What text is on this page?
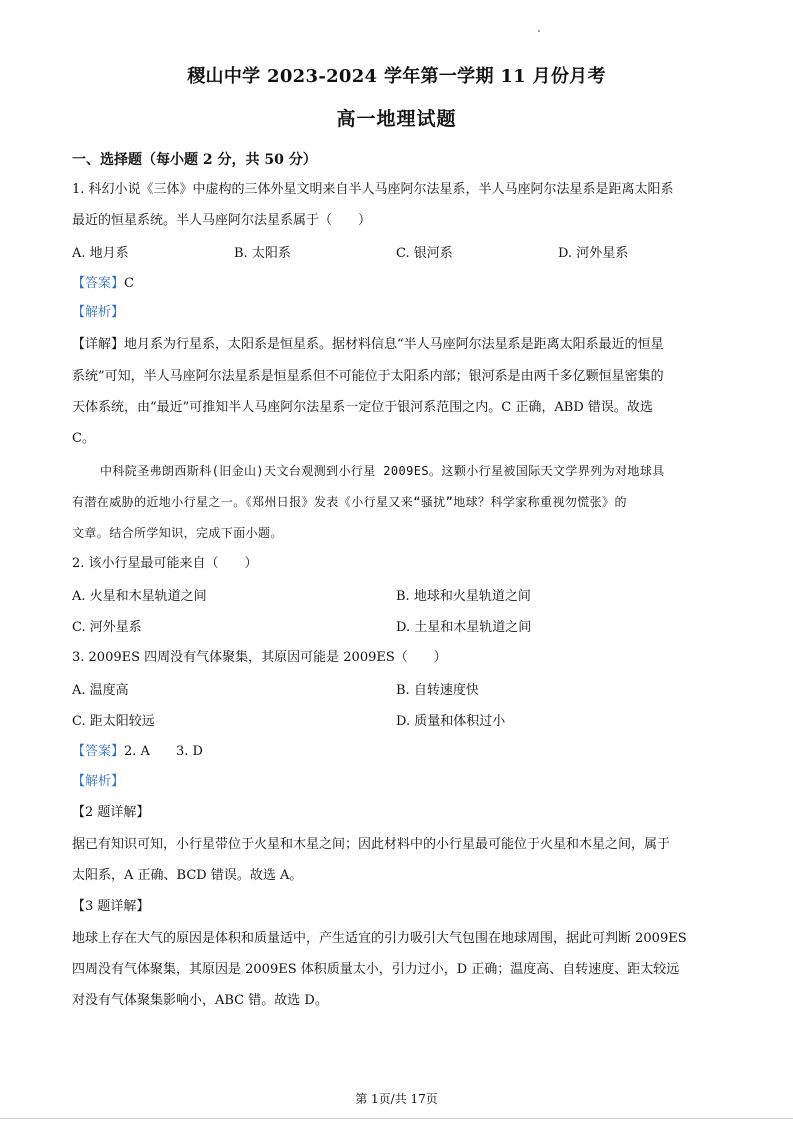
稷山中学 2023-2024 学年第一学期 11 月份月考
高一地理试题
一、选择题（每小题 2 分，共 50 分）
1. 科幻小说《三体》中虚构的三体外星文明来自半人马座阿尔法星系，半人马座阿尔法星系是距离太阳系
最近的恒星系统。半人马座阿尔法星系属于（　　）
A. 地月系	B. 太阳系	C. 银河系	D. 河外星系
【答案】C
【解析】
【详解】地月系为行星系，太阳系是恒星系。据材料信息“半人马座阿尔法星系是距离太阳系最近的恒星
系统”可知，半人马座阿尔法星系是恒星系但不可能位于太阳系内部；银河系是由两千多亿颗恒星密集的
天体系统，由“最近”可推知半人马座阿尔法星系一定位于银河系范围之内。C 正确，ABD 错误。故选
C。
中科院圣弗朗西斯科(旧金山)天文台观测到小行星 2009ES。这颗小行星被国际天文学界列为对地球具
有潜在威胁的近地小行星之一。《郑州日报》发表《小行星又来“骚扰”地球？科学家称重视勿慌张》的
文章。结合所学知识，完成下面小题。
2. 该小行星最可能来自（　　）
A. 火星和木星轨道之间	B. 地球和火星轨道之间
C. 河外星系	D. 土星和木星轨道之间
3. 2009ES 四周没有气体聚集，其原因可能是 2009ES（　　）
A. 温度高	B. 自转速度快
C. 距太阳较远	D. 质量和体积过小
【答案】2. A　　3. D
【解析】
【2 题详解】
据已有知识可知，小行星带位于火星和木星之间；因此材料中的小行星最可能位于火星和木星之间，属于
太阳系，A 正确、BCD 错误。故选 A。
【3 题详解】
地球上存在大气的原因是体积和质量适中，产生适宜的引力吸引大气包围在地球周围，据此可判断 2009ES
四周没有气体聚集，其原因是 2009ES 体积质量太小，引力过小，D 正确；温度高、自转速度、距太较远
对没有气体聚集影响小，ABC 错。故选 D。
第 1页/共 17页
